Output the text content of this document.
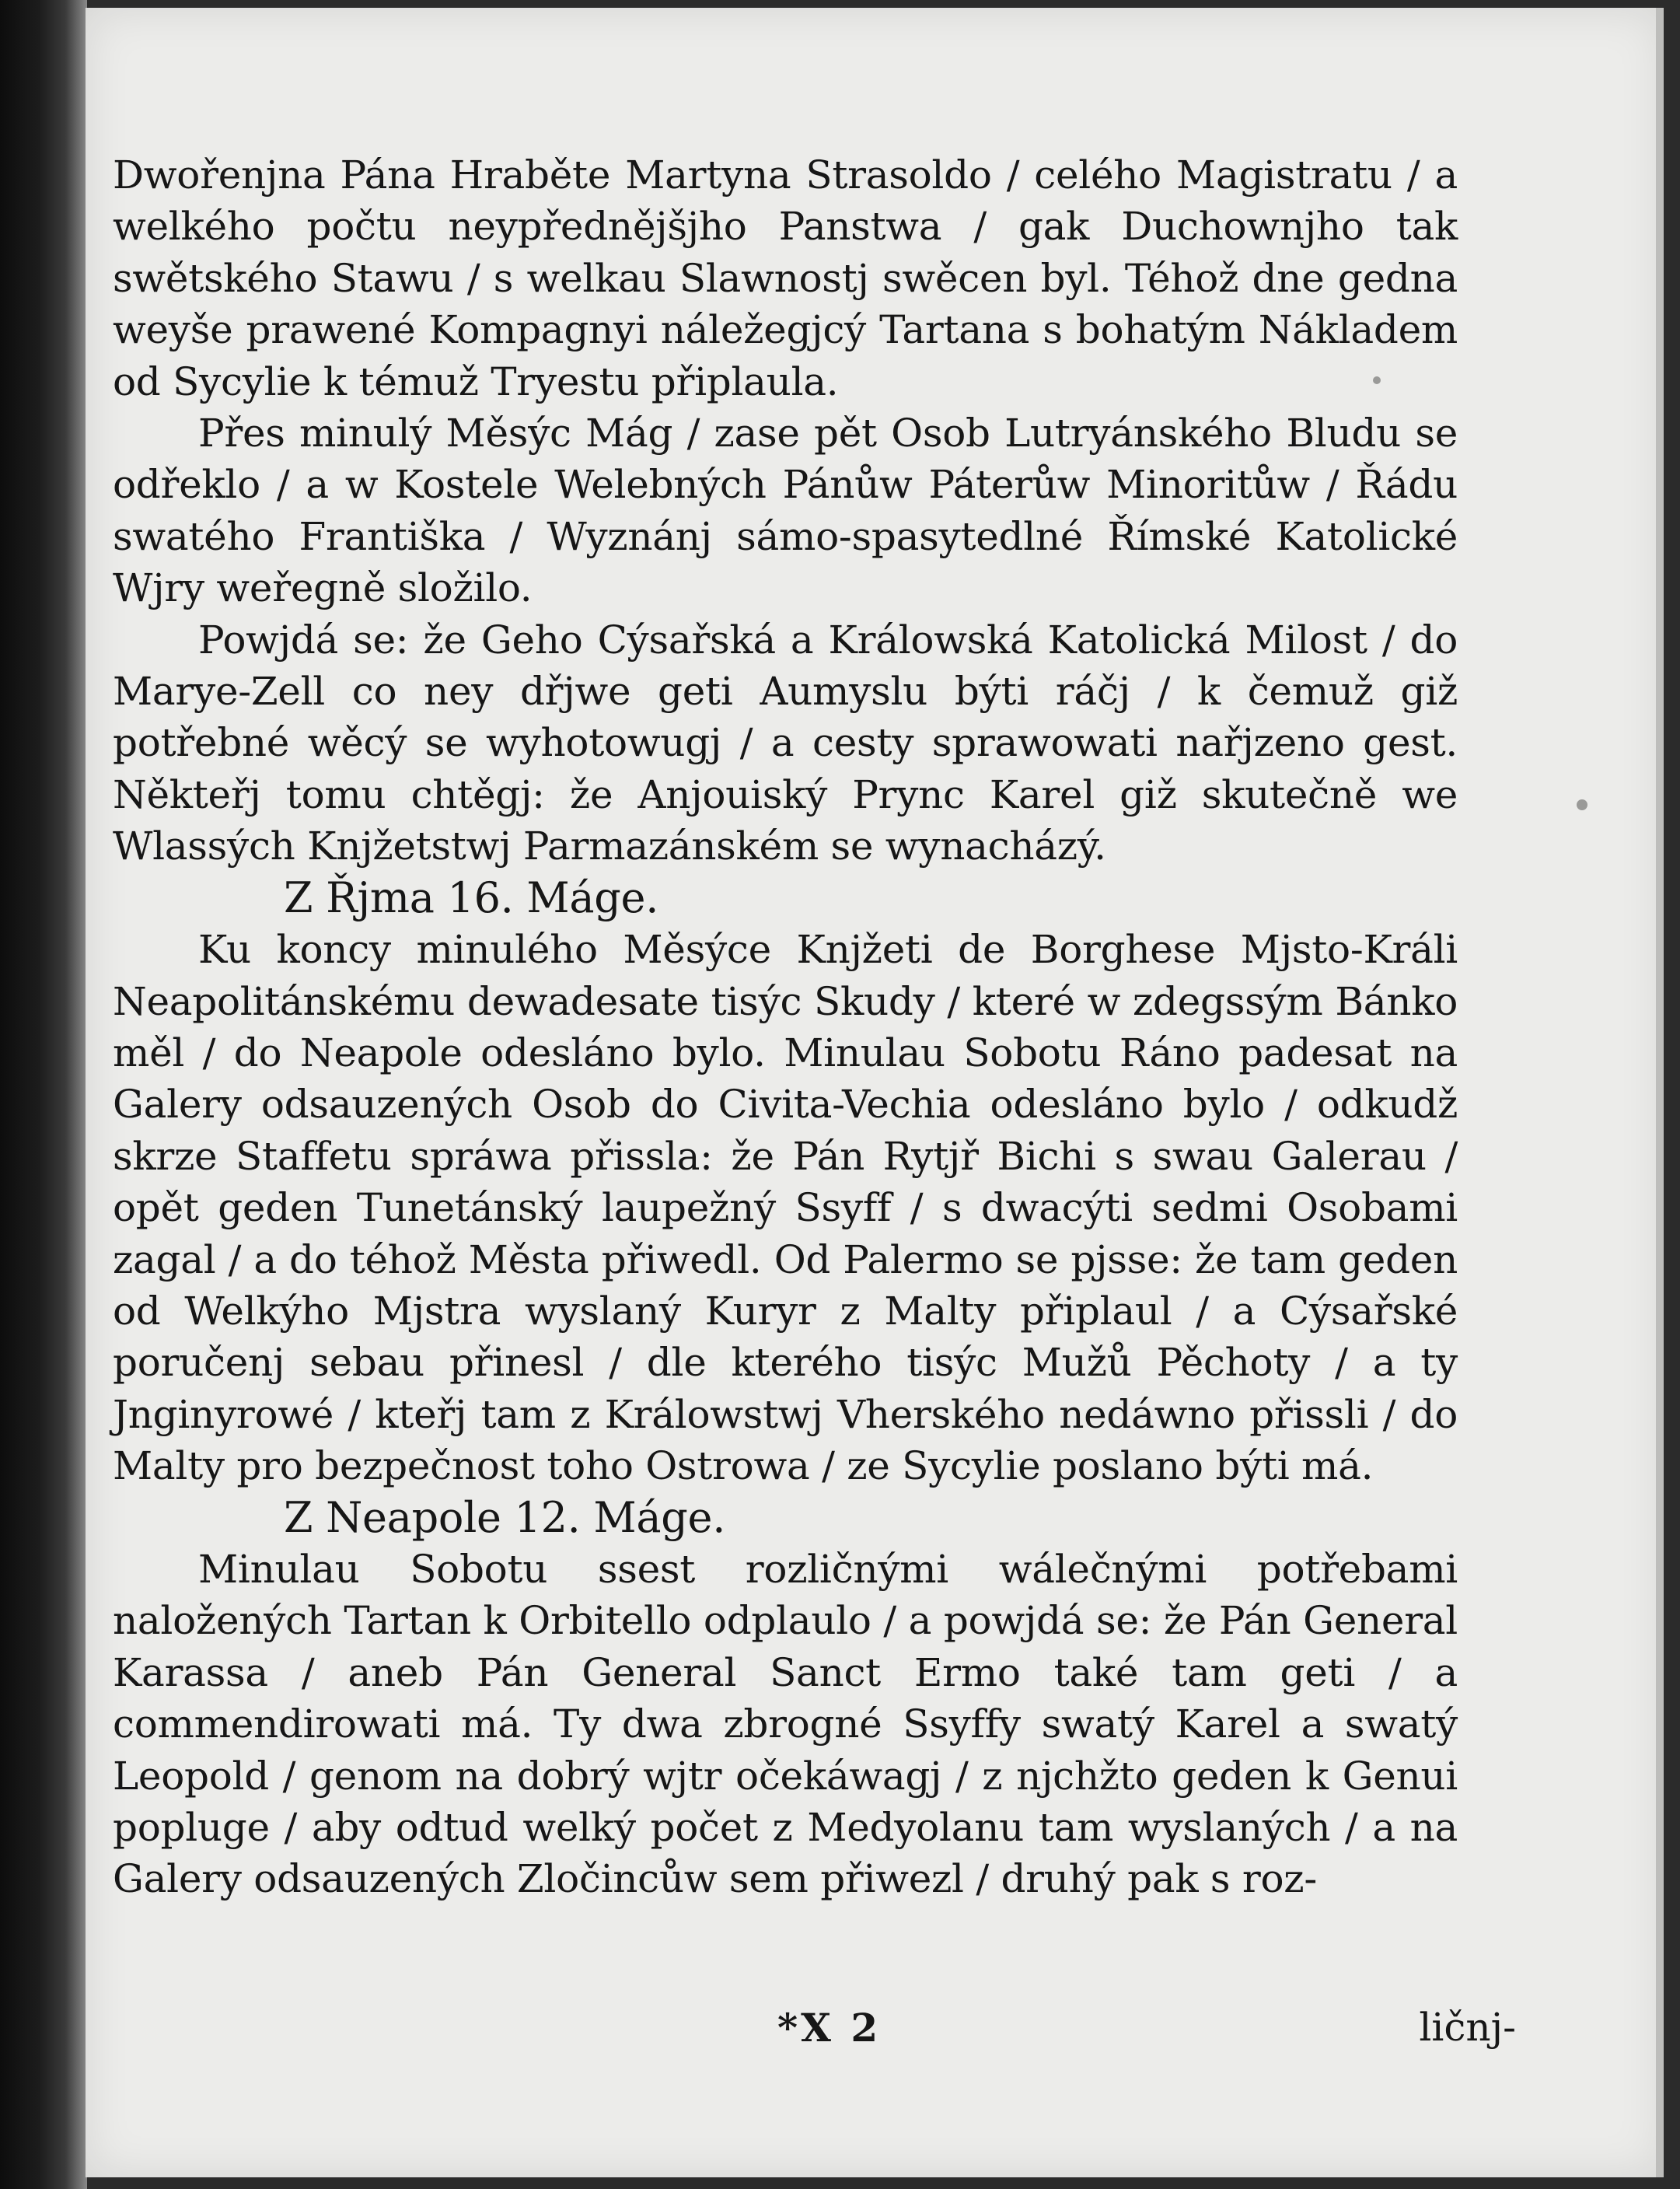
Dwořenjna Pána Hraběte Martyna Strasoldo / celého Magistratu / a welkého počtu neypřednějšjho Panstwa / gak Duchownjho tak swětského Stawu / s welkau Slawnostj swěcen byl. Téhož dne gedna weyše prawené Kompagnyi náležegjcý Tartana s bohatým Nákladem od Sycylie k témuž Tryestu připlaula.

Přes minulý Měsýc Mág / zase pět Osob Lutryánského Bludu se odřeklo / a w Kostele Welebných Pánůw Páterůw Minoritůw / Řádu swatého Františka / Wyznánj sámo-spasytedlné Římské Katolické Wjry weřegně složilo.

Powjdá se: že Geho Cýsařská a Králowská Katolická Milost / do Marye-Zell co ney dřjwe geti Aumyslu býti ráčj / k čemuž giž potřebné wěcý se wyhotowugj / a cesty sprawowati nařjzeno gest. Někteřj tomu chtěgj: že Anjouiský Prync Karel giž skutečně we Wlassých Knjžetstwj Parmazánském se wynacházý.

Z Řjma 16. Máge.

Ku koncy minulého Měsýce Knjžeti de Borghese Mjsto-Králi Neapolitánskému dewadesate tisýc Skudy / které w zdegssým Bánko měl / do Neapole odesláno bylo. Minulau Sobotu Ráno padesat na Galery odsauzených Osob do Civita-Vechia odesláno bylo / odkudž skrze Staffetu spráwa přissla: že Pán Rytjř Bichi s swau Galerau / opět geden Tunetánský laupežný Ssyff / s dwacýti sedmi Osobami zagal / a do téhož Města přiwedl. Od Palermo se pjsse: že tam geden od Welkýho Mjstra wyslaný Kuryr z Malty připlaul / a Cýsařské poručenj sebau přinesl / dle kterého tisýc Mužů Pěchoty / a ty Jnginyrowé / kteřj tam z Králowstwj Vherského nedáwno přissli / do Malty pro bezpečnost toho Ostrowa / ze Sycylie poslano býti má.

Z Neapole 12. Máge.

Minulau Sobotu ssest rozličnými wálečnými potřebami naložených Tartan k Orbitello odplaulo / a powjdá se: že Pán General Karassa / aneb Pán General Sanct Ermo také tam geti / a commendirowati má. Ty dwa zbrogné Ssyffy swatý Karel a swatý Leopold / genom na dobrý wjtr očekáwagj / z njchžto geden k Genui popluge / aby odtud welký počet z Medyolanu tam wyslaných / a na Galery odsauzených Zločincůw sem přiwezl / druhý pak s roz-

*X 2	ličnj-
